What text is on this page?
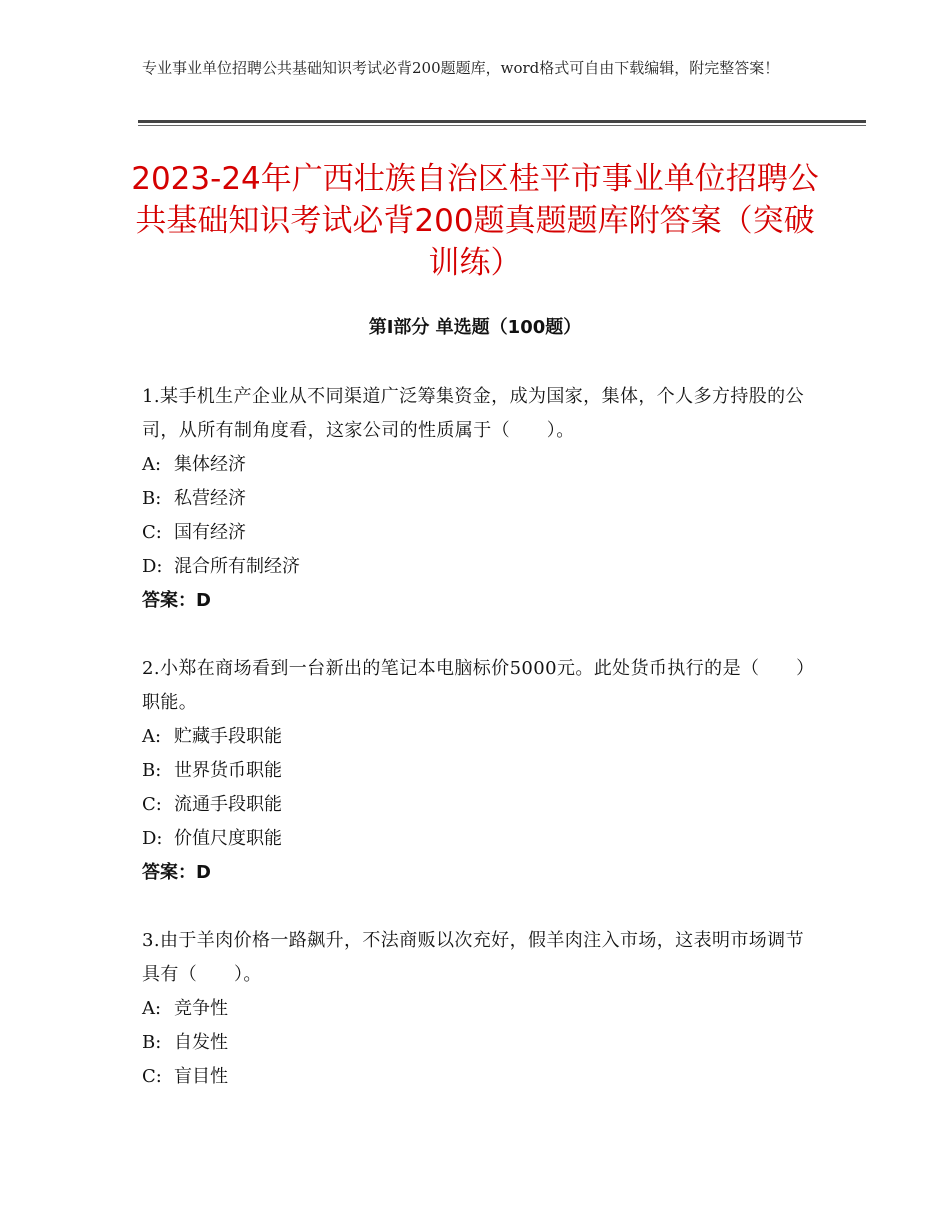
专业事业单位招聘公共基础知识考试必背200题题库，word格式可自由下载编辑，附完整答案！
2023-24年广西壮族自治区桂平市事业单位招聘公共基础知识考试必背200题真题题库附答案（突破训练）
第Ⅰ部分 单选题（100题）
1.某手机生产企业从不同渠道广泛筹集资金，成为国家，集体，个人多方持股的公司，从所有制角度看，这家公司的性质属于（　　）。
A: 集体经济
B: 私营经济
C: 国有经济
D: 混合所有制经济
答案：D
2.小郑在商场看到一台新出的笔记本电脑标价5000元。此处货币执行的是（　　）职能。
A: 贮藏手段职能
B: 世界货币职能
C: 流通手段职能
D: 价值尺度职能
答案：D
3.由于羊肉价格一路飙升，不法商贩以次充好，假羊肉注入市场，这表明市场调节具有（　　）。
A: 竞争性
B: 自发性
C: 盲目性
